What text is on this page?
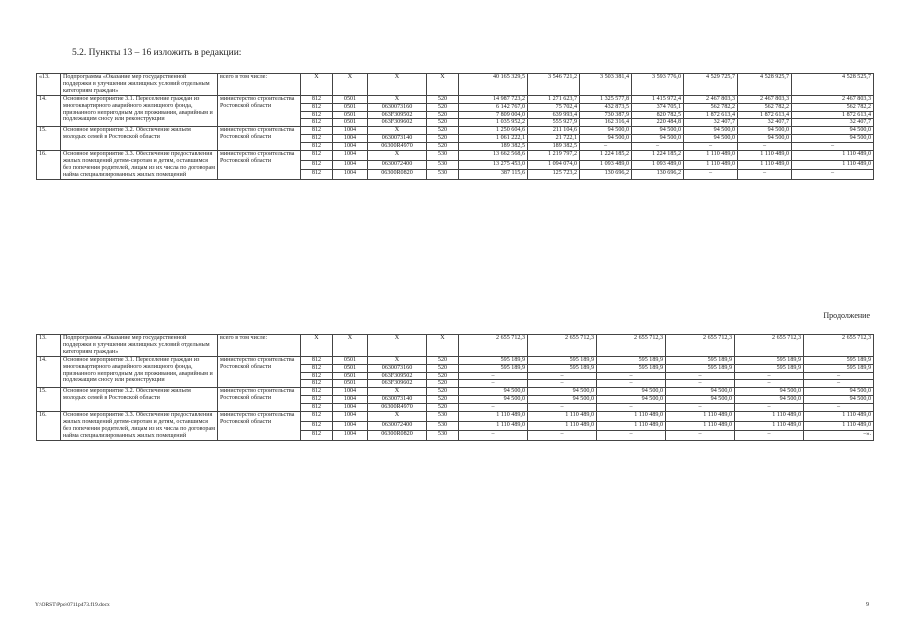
5.2. Пункты 13 – 16 изложить в редакции:
«13.	Подпрограмма «Оказание мер государственной поддержки в улучшении жилищных условий отдельным категориям граждан»	всего в том числе:	X	X	X	X	40 165 329,5	3 546 721,2	3 503 381,4	3 593 776,0	4 529 725,7	4 528 925,7	4 528 525,7
14.	Основное мероприятие 3.1. Переселение граждан из многоквартирного аварийного жилищного фонда, признанного непригодным для проживания, аварийным и подлежащим сносу или реконструкции	министерство строительства Ростовской области	812	0501	X	520	14 987 723,2	1 271 623,7	1 325 577,8	1 415 972,4	2 467 803,3	2 467 803,3	2 467 803,3
			812	0501	0630073160	520	6 142 767,0	75 702,4	432 873,5	374 705,1	562 782,2	562 782,2	562 782,2
			812	0501	063F309502	520	7 809 004,0	639 993,4	730 387,9	820 782,5	1 872 613,4	1 872 613,4	1 872 613,4
			812	0501	063F309602	520	1 035 952,2	555 927,9	162 316,4	220 484,8	32 407,7	32 407,7	32 407,7
15.	Основное мероприятие 3.2. Обеспечение жильем молодых семей в Ростовской области	министерство строительства Ростовской области	812	1004	X	520	1 250 604,6	211 104,6	94 500,0	94 500,0	94 500,0	94 500,0	94 500,0
			812	1004	0630073140	520	1 061 222,1	21 722,1	94 500,0	94 500,0	94 500,0	94 500,0	94 500,0
			812	1004	06300R4970	520	189 382,5	189 382,5	–	–	–	–	–
16.	Основное мероприятие 3.3. Обеспечение предоставления жилых помещений детям-сиротам и детям, оставшимся без попечения родителей, лицам из их числа по договорам найма специализированных жилых помещений	министерство строительства Ростовской области	812	1004	X	530	13 662 568,6	1 219 797,2	1 224 185,2	1 224 185,2	1 110 489,0	1 110 489,0	1 110 489,0
			812	1004	0630072400	530	13 275 453,0	1 094 074,0	1 093 489,0	1 093 489,0	1 110 489,0	1 110 489,0	1 110 489,0
			812	1004	06300R0820	530	387 115,6	125 723,2	130 696,2	130 696,2	–	–	–
Продолжение
13.	Подпрограмма «Оказание мер государственной поддержки в улучшении жилищных условий отдельным категориям граждан»	всего в том числе:	X	X	X	X	2 655 712,3	2 655 712,3	2 655 712,3	2 655 712,3	2 655 712,3	2 655 712,3
14.	Основное мероприятие 3.1. Переселение граждан из многоквартирного аварийного жилищного фонда, признанного непригодным для проживания, аварийным и подлежащим сносу или реконструкции	министерство строительства Ростовской области	812	0501	X	520	595 189,9	595 189,9	595 189,9	595 189,9	595 189,9	595 189,9
			812	0501	0630073160	520	595 189,9	595 189,9	595 189,9	595 189,9	595 189,9	595 189,9
			812	0501	063F309502	520	–	–	–	–	–	–
			812	0501	063F309602	520	–	–	–	–	–	–
15.	Основное мероприятие 3.2. Обеспечение жильем молодых семей в Ростовской области	министерство строительства Ростовской области	812	1004	X	520	94 500,0	94 500,0	94 500,0	94 500,0	94 500,0	94 500,0
			812	1004	0630073140	520	94 500,0	94 500,0	94 500,0	94 500,0	94 500,0	94 500,0
			812	1004	06300R4970	520	–	–	–	–	–	–
16.	Основное мероприятие 3.3. Обеспечение предоставления жилых помещений детям-сиротам и детям, оставшимся без попечения родителей, лицам из их числа по договорам найма специализированных жилых помещений	министерство строительства Ростовской области	812	1004	X	530	1 110 489,0	1 110 489,0	1 110 489,0	1 110 489,0	1 110 489,0	1 110 489,0
			812	1004	0630072400	530	1 110 489,0	1 110 489,0	1 110 489,0	1 110 489,0	1 110 489,0	1 110 489,0
			812	1004	06300R0820	530	–	–	–	–	–	–».
Y:\ORST\Ppo\0711p473.f19.docx	9
